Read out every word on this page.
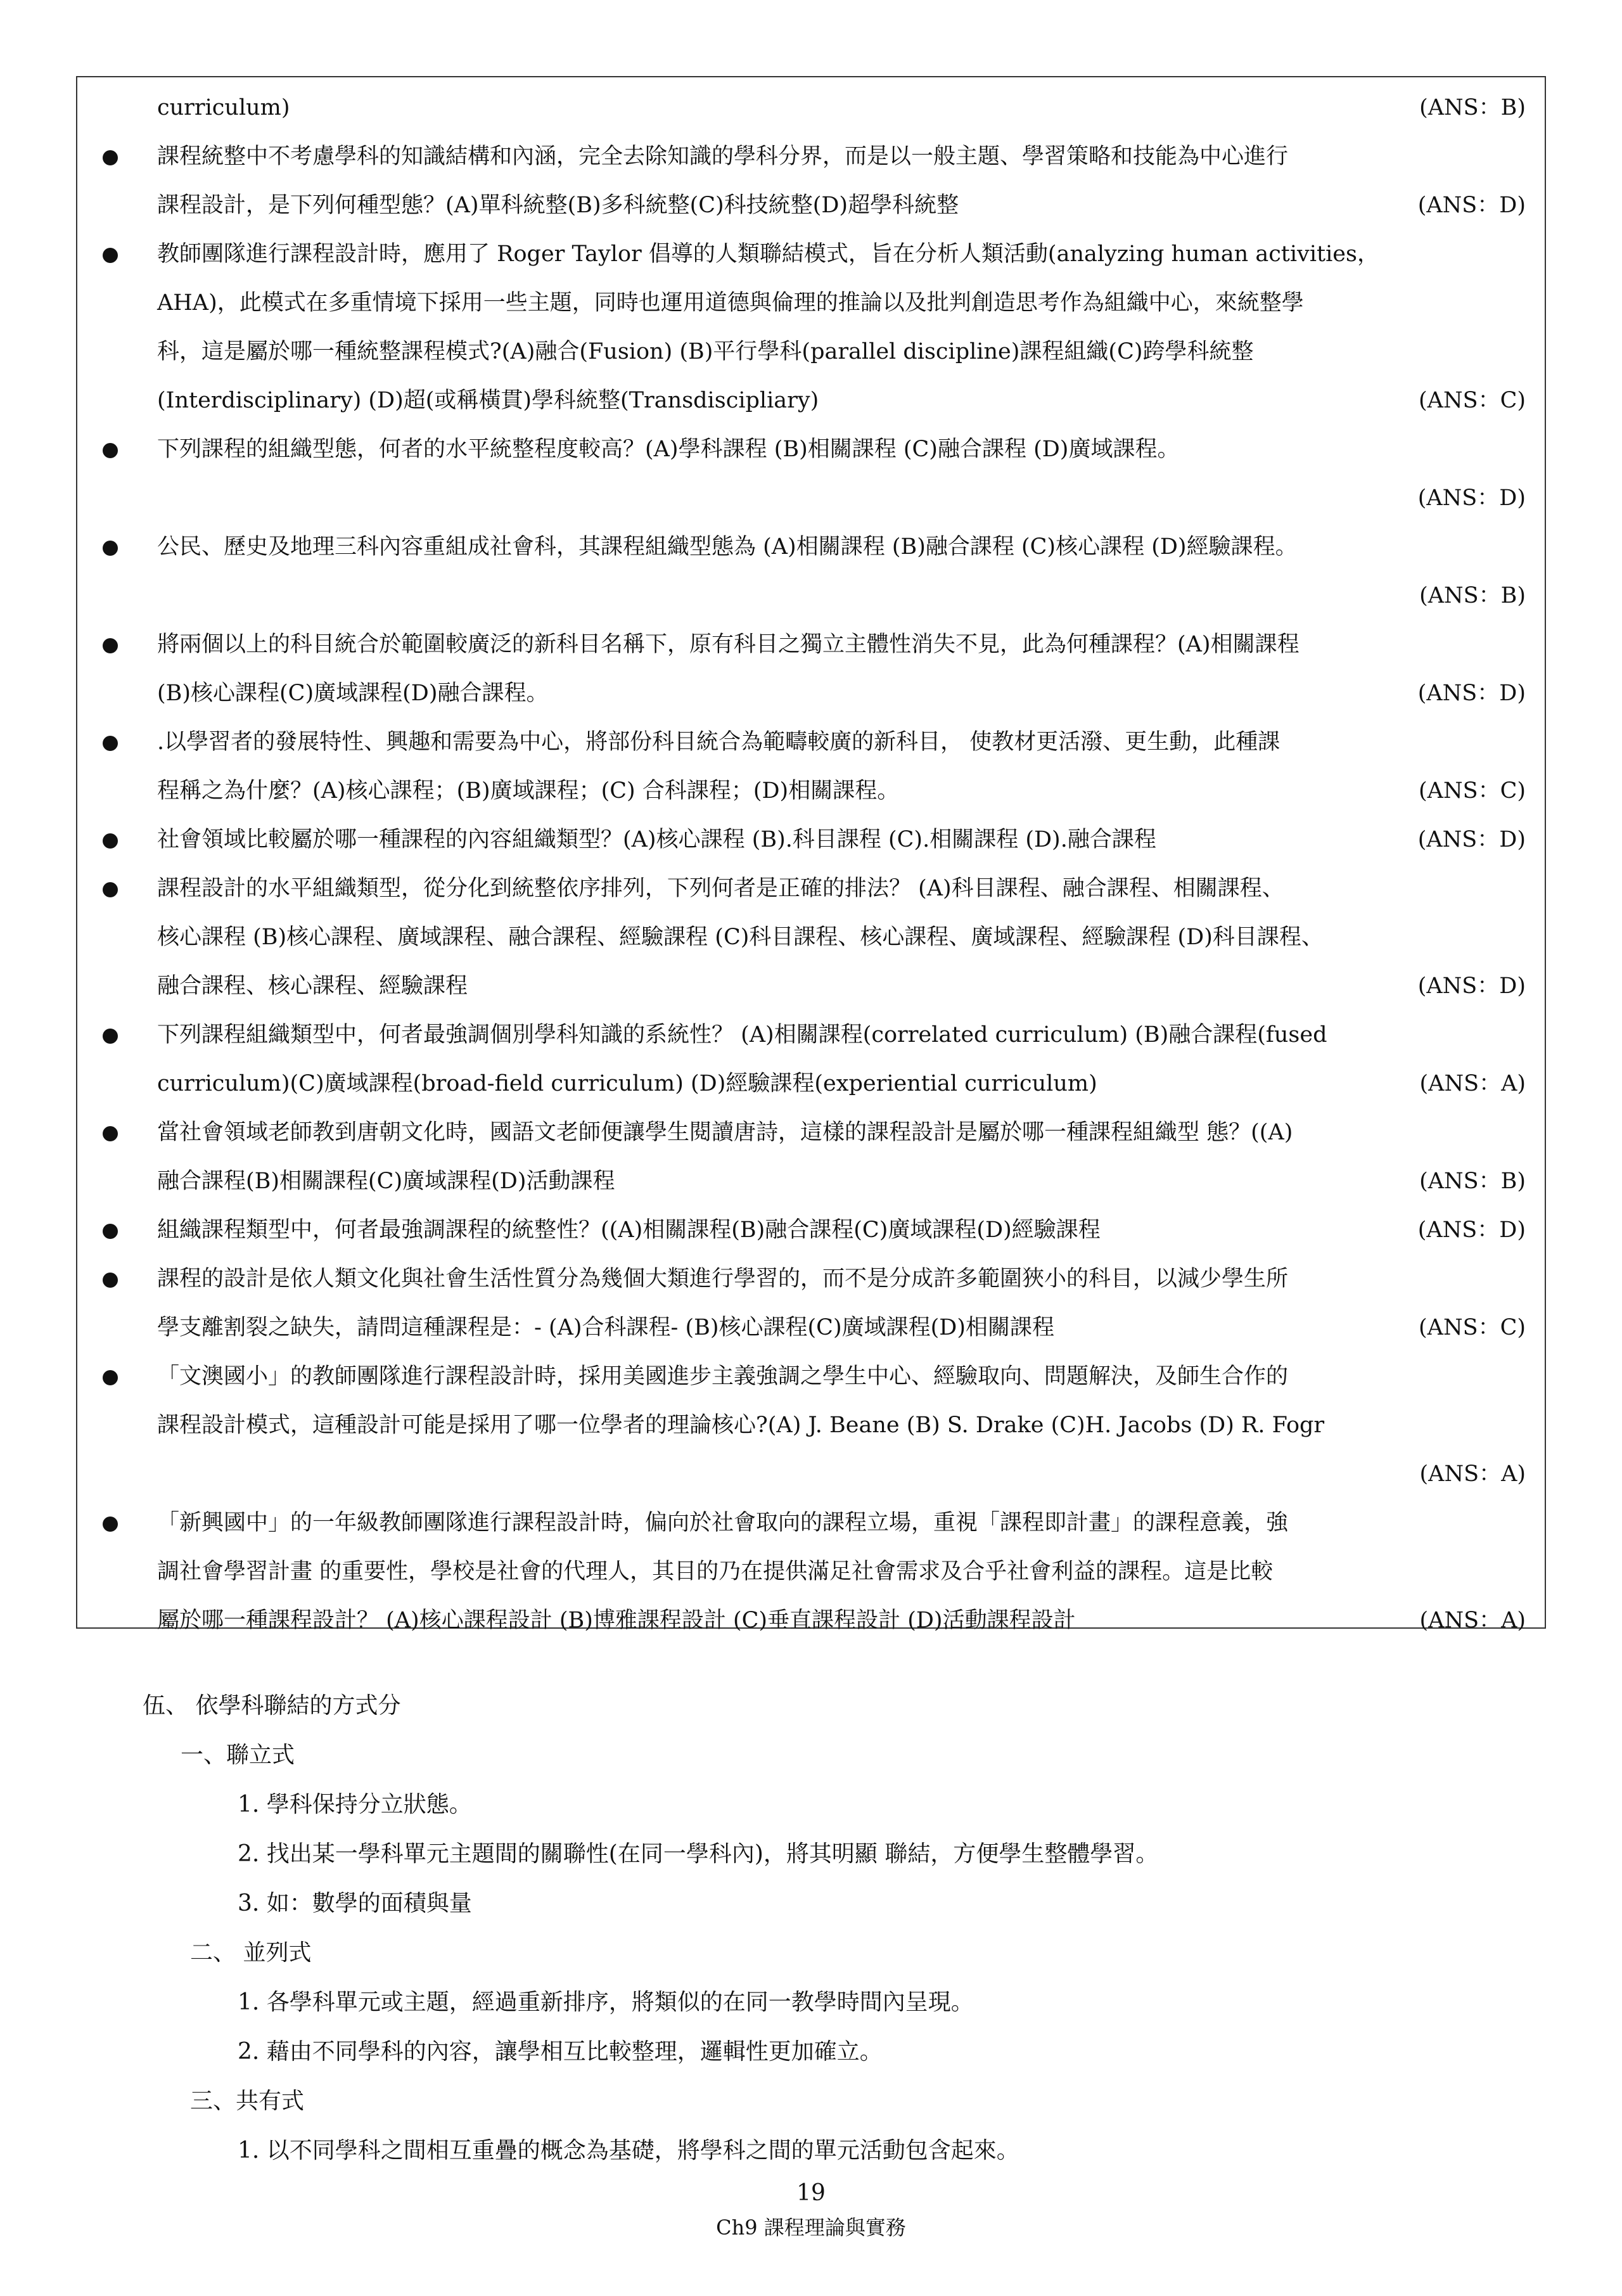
curriculum)	(ANS：B)
課程統整中不考慮學科的知識結構和內涵，完全去除知識的學科分界，而是以一般主題、學習策略和技能為中心進行
課程設計，是下列何種型態？(A)單科統整(B)多科統整(C)科技統整(D)超學科統整	(ANS：D)
教師團隊進行課程設計時，應用了 Roger Taylor 倡導的人類聯結模式，旨在分析人類活動(analyzing human activities，
AHA)，此模式在多重情境下採用一些主題，同時也運用道德與倫理的推論以及批判創造思考作為組織中心，來統整學
科，這是屬於哪一種統整課程模式?(A)融合(Fusion) (B)平行學科(parallel discipline)課程組織(C)跨學科統整
(Interdisciplinary) (D)超(或稱橫貫)學科統整(Transdiscipliary)	(ANS：C)
下列課程的組織型態，何者的水平統整程度較高？(A)學科課程 (B)相關課程 (C)融合課程 (D)廣域課程。
(ANS：D)
公民、歷史及地理三科內容重組成社會科，其課程組織型態為 (A)相關課程 (B)融合課程 (C)核心課程 (D)經驗課程。
(ANS：B)
將兩個以上的科目統合於範圍較廣泛的新科目名稱下，原有科目之獨立主體性消失不見，此為何種課程？(A)相關課程
(B)核心課程(C)廣域課程(D)融合課程。	(ANS：D)
.以學習者的發展特性、興趣和需要為中心，將部份科目統合為範疇較廣的新科目， 使教材更活潑、更生動，此種課
程稱之為什麼？(A)核心課程；(B)廣域課程；(C) 合科課程；(D)相關課程。	(ANS：C)
社會領域比較屬於哪一種課程的內容組織類型？(A)核心課程 (B).科目課程 (C).相關課程 (D).融合課程	(ANS：D)
課程設計的水平組織類型，從分化到統整依序排列，下列何者是正確的排法？ (A)科目課程、融合課程、相關課程、
核心課程 (B)核心課程、廣域課程、融合課程、經驗課程 (C)科目課程、核心課程、廣域課程、經驗課程 (D)科目課程、
融合課程、核心課程、經驗課程	(ANS：D)
下列課程組織類型中，何者最強調個別學科知識的系統性？ (A)相關課程(correlated curriculum) (B)融合課程(fused
curriculum)(C)廣域課程(broad-field curriculum) (D)經驗課程(experiential curriculum)	(ANS：A)
當社會領域老師教到唐朝文化時，國語文老師便讓學生閱讀唐詩，這樣的課程設計是屬於哪一種課程組織型 態？((A)
融合課程(B)相關課程(C)廣域課程(D)活動課程	(ANS：B)
組織課程類型中，何者最強調課程的統整性？((A)相關課程(B)融合課程(C)廣域課程(D)經驗課程	(ANS：D)
課程的設計是依人類文化與社會生活性質分為幾個大類進行學習的，而不是分成許多範圍狹小的科目，以減少學生所
學支離割裂之缺失，請問這種課程是：- (A)合科課程- (B)核心課程(C)廣域課程(D)相關課程	(ANS：C)
「文澳國小」的教師團隊進行課程設計時，採用美國進步主義強調之學生中心、經驗取向、問題解決，及師生合作的
課程設計模式，這種設計可能是採用了哪一位學者的理論核心?(A) J. Beane (B) S. Drake (C)H. Jacobs (D) R. Fogr
(ANS：A)
「新興國中」的一年級教師團隊進行課程設計時，偏向於社會取向的課程立場，重視「課程即計畫」的課程意義，強
調社會學習計畫 的重要性，學校是社會的代理人，其目的乃在提供滿足社會需求及合乎社會利益的課程。這是比較
屬於哪一種課程設計？ (A)核心課程設計 (B)博雅課程設計 (C)垂直課程設計 (D)活動課程設計	(ANS：A)
伍、 依學科聯結的方式分
一、聯立式
1. 學科保持分立狀態。
2. 找出某一學科單元主題間的關聯性(在同一學科內)，將其明顯 聯結，方便學生整體學習。
3. 如：數學的面積與量
二、 並列式
1. 各學科單元或主題，經過重新排序，將類似的在同一教學時間內呈現。
2. 藉由不同學科的內容，讓學相互比較整理，邏輯性更加確立。
三、共有式
1. 以不同學科之間相互重疊的概念為基礎，將學科之間的單元活動包含起來。
19
Ch9 課程理論與實務
